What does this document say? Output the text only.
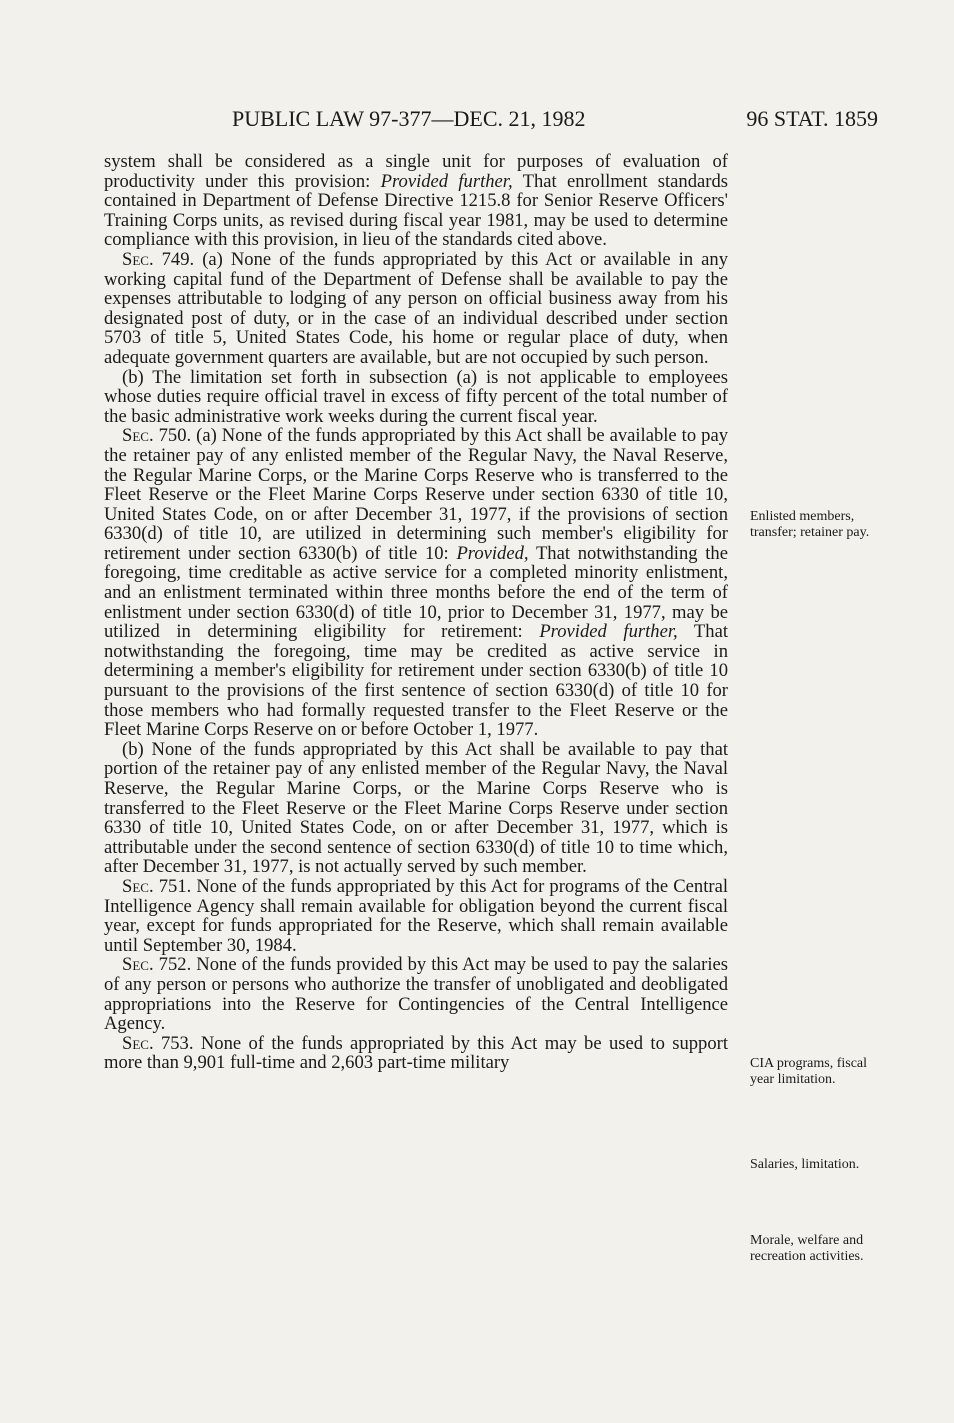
PUBLIC LAW 97-377—DEC. 21, 1982	96 STAT. 1859

system shall be considered as a single unit for purposes of evaluation of productivity under this provision: Provided further, That enrollment standards contained in Department of Defense Directive 1215.8 for Senior Reserve Officers' Training Corps units, as revised during fiscal year 1981, may be used to determine compliance with this provision, in lieu of the standards cited above.

Sec. 749. (a) None of the funds appropriated by this Act or available in any working capital fund of the Department of Defense shall be available to pay the expenses attributable to lodging of any person on official business away from his designated post of duty, or in the case of an individual described under section 5703 of title 5, United States Code, his home or regular place of duty, when adequate government quarters are available, but are not occupied by such person.

(b) The limitation set forth in subsection (a) is not applicable to employees whose duties require official travel in excess of fifty percent of the total number of the basic administrative work weeks during the current fiscal year.

Sec. 750. (a) None of the funds appropriated by this Act shall be available to pay the retainer pay of any enlisted member of the Regular Navy, the Naval Reserve, the Regular Marine Corps, or the Marine Corps Reserve who is transferred to the Fleet Reserve or the Fleet Marine Corps Reserve under section 6330 of title 10, United States Code, on or after December 31, 1977, if the provisions of section 6330(d) of title 10, are utilized in determining such member's eligibility for retirement under section 6330(b) of title 10: Provided, That notwithstanding the foregoing, time creditable as active service for a completed minority enlistment, and an enlistment terminated within three months before the end of the term of enlistment under section 6330(d) of title 10, prior to December 31, 1977, may be utilized in determining eligibility for retirement: Provided further, That notwithstanding the foregoing, time may be credited as active service in determining a member's eligibility for retirement under section 6330(b) of title 10 pursuant to the provisions of the first sentence of section 6330(d) of title 10 for those members who had formally requested transfer to the Fleet Reserve or the Fleet Marine Corps Reserve on or before October 1, 1977.

(b) None of the funds appropriated by this Act shall be available to pay that portion of the retainer pay of any enlisted member of the Regular Navy, the Naval Reserve, the Regular Marine Corps, or the Marine Corps Reserve who is transferred to the Fleet Reserve or the Fleet Marine Corps Reserve under section 6330 of title 10, United States Code, on or after December 31, 1977, which is attributable under the second sentence of section 6330(d) of title 10 to time which, after December 31, 1977, is not actually served by such member.

Sec. 751. None of the funds appropriated by this Act for programs of the Central Intelligence Agency shall remain available for obligation beyond the current fiscal year, except for funds appropriated for the Reserve, which shall remain available until September 30, 1984.

Sec. 752. None of the funds provided by this Act may be used to pay the salaries of any person or persons who authorize the transfer of unobligated and deobligated appropriations into the Reserve for Contingencies of the Central Intelligence Agency.

Sec. 753. None of the funds appropriated by this Act may be used to support more than 9,901 full-time and 2,603 part-time military

Enlisted members, transfer; retainer pay.
CIA programs, fiscal year limitation.
Salaries, limitation.
Morale, welfare and recreation activities.
